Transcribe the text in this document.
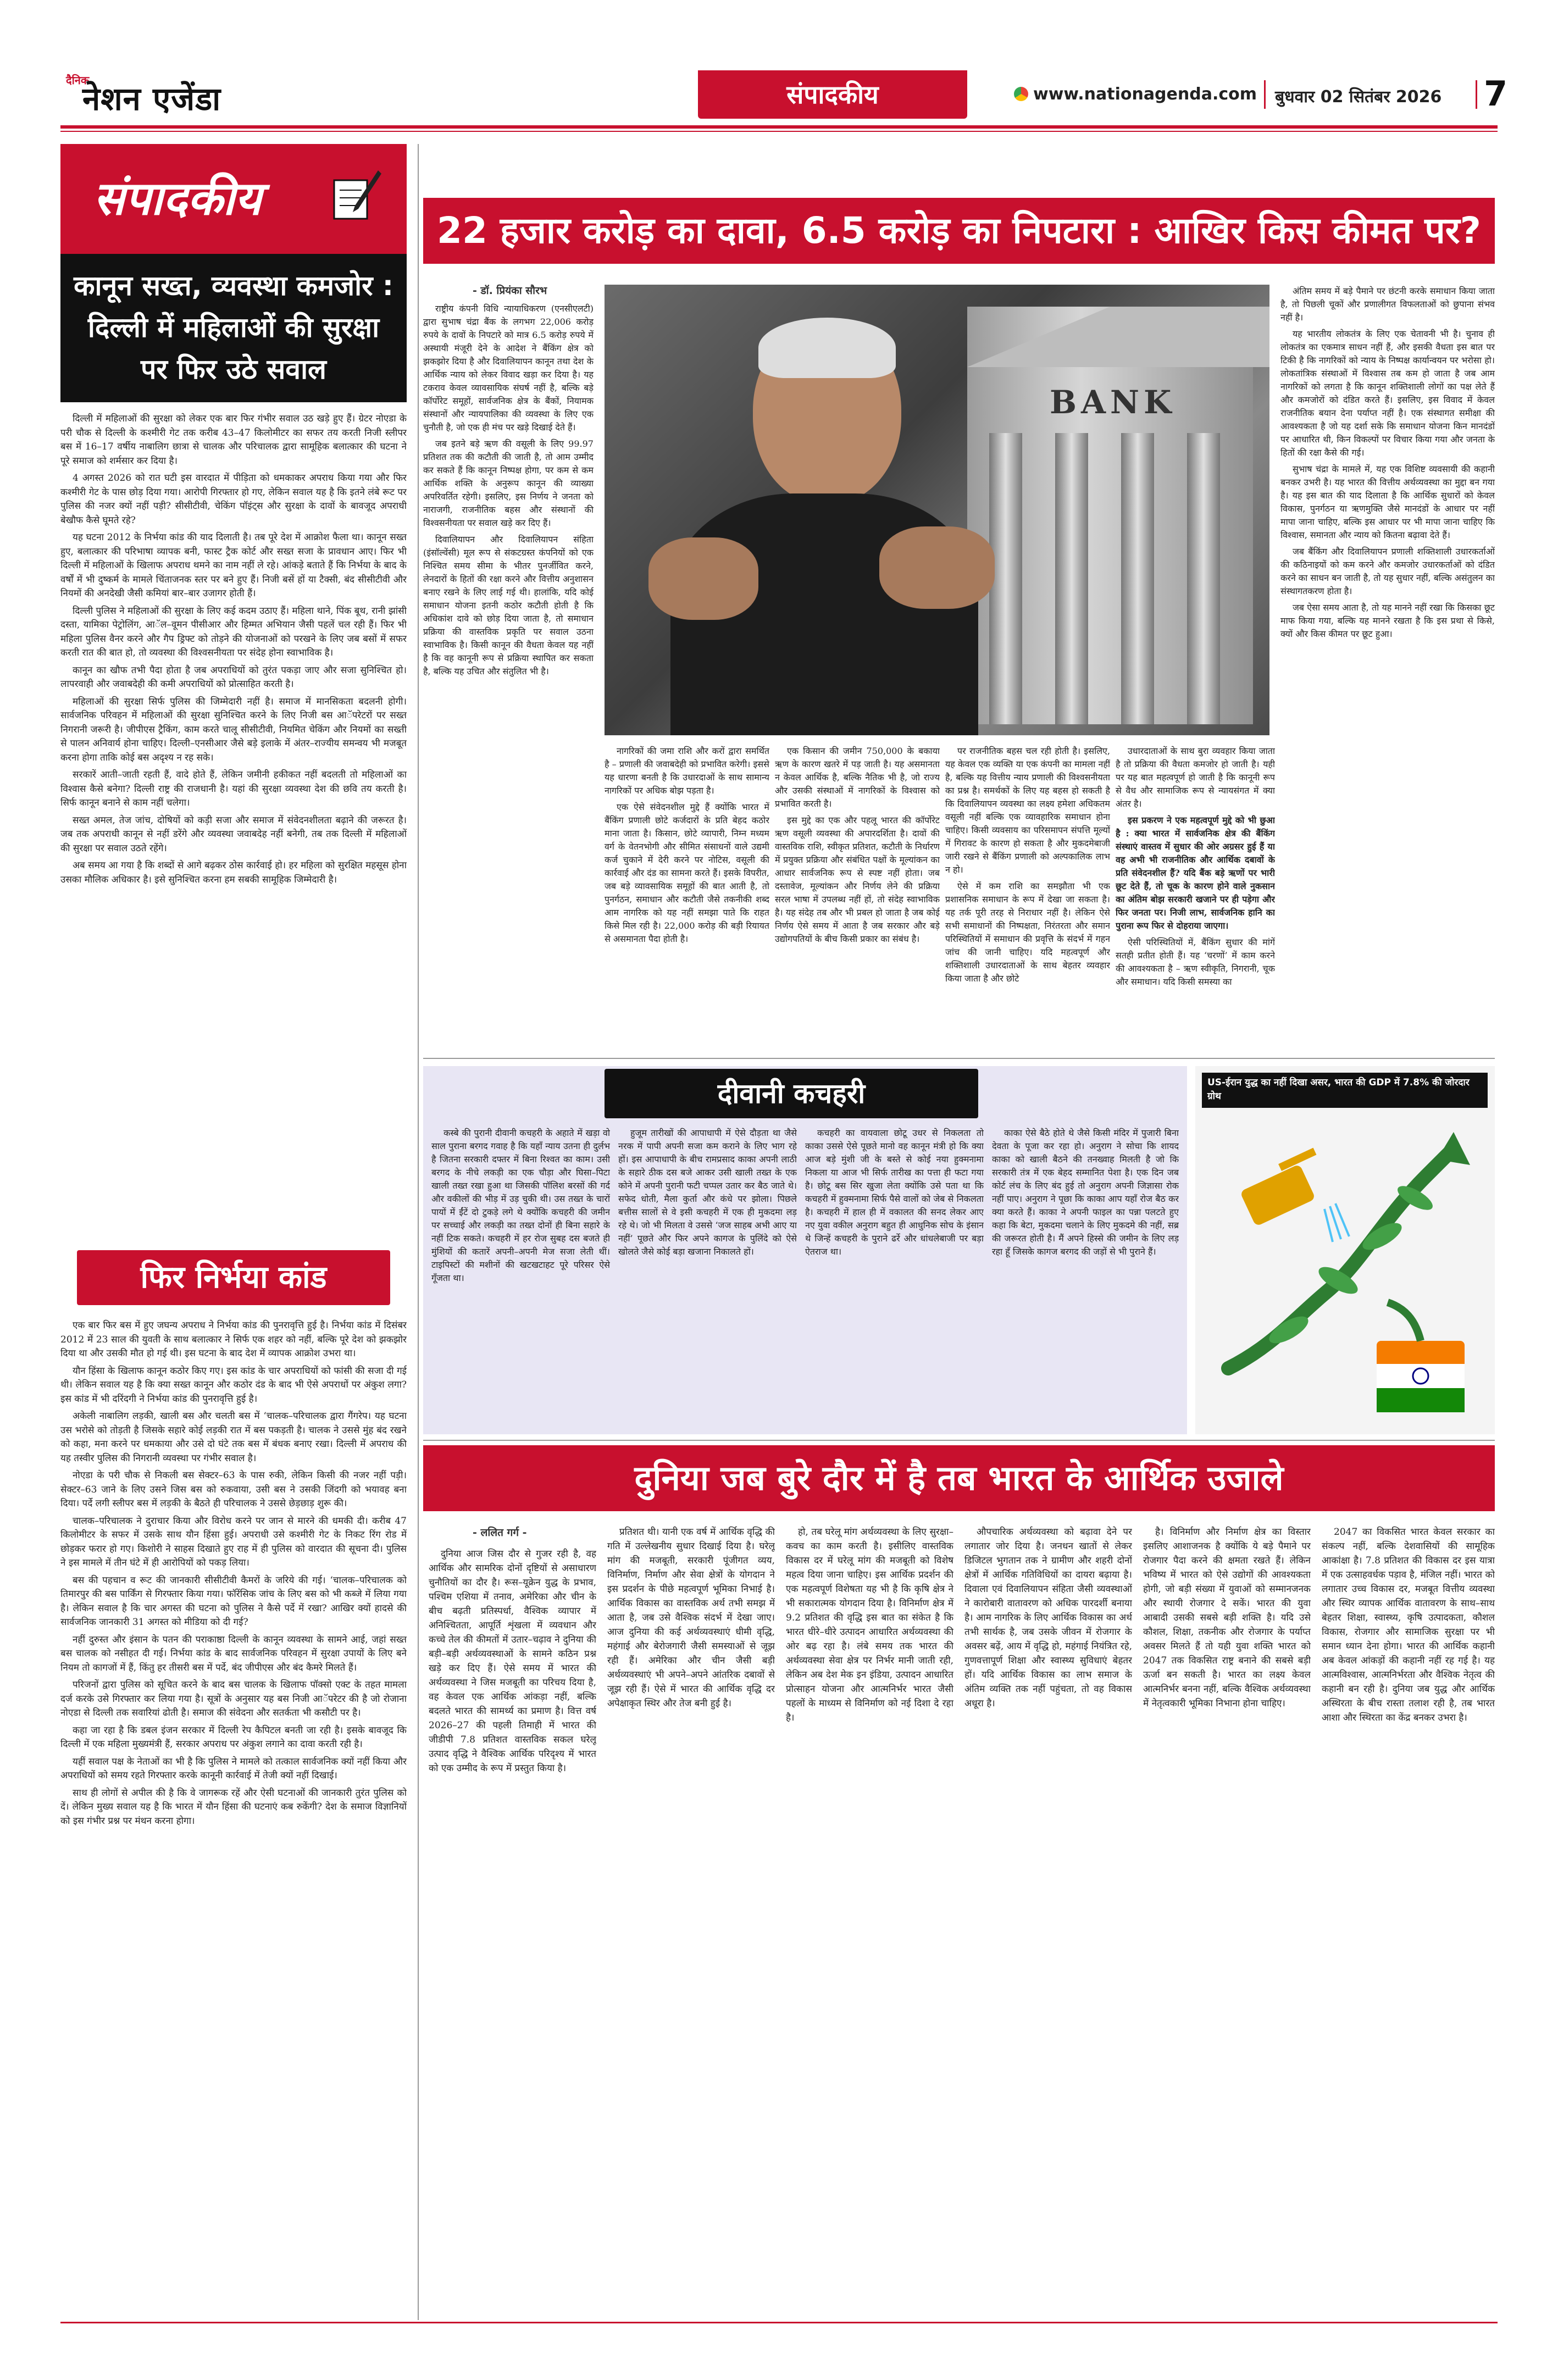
दैनिक
नेशन एजेंडा	संपादकीय	www.nationagenda.com बुधवार 02 सितंबर 2026 7
संपादकीय
कानून सख्त, व्यवस्था कमजोर : दिल्ली में महिलाओं की सुरक्षा पर फिर उठे सवाल

दिल्ली में महिलाओं की सुरक्षा को लेकर एक बार फिर गंभीर सवाल उठ खड़े हुए हैं। ग्रेटर नोएडा के परी चौक से दिल्ली के कश्मीरी गेट तक करीब 43–47 किलोमीटर का सफर तय करती निजी स्लीपर बस में 16–17 वर्षीय नाबालिग छात्रा से चालक और परिचालक द्वारा सामूहिक बलात्कार की घटना ने पूरे समाज को शर्मसार कर दिया है।

4 अगस्त 2026 को रात घटी इस वारदात में पीड़िता को धमकाकर अपराध किया गया और फिर कश्मीरी गेट के पास छोड़ दिया गया। आरोपी गिरफ्तार हो गए, लेकिन सवाल यह है कि इतने लंबे रूट पर पुलिस की नजर क्यों नहीं पड़ी? सीसीटीवी, चेकिंग पॉइंट्स और सुरक्षा के दावों के बावजूद अपराधी बेखौफ कैसे घूमते रहे?

यह घटना 2012 के निर्भया कांड की याद दिलाती है। तब पूरे देश में आक्रोश फैला था। कानून सख्त हुए, बलात्कार की परिभाषा व्यापक बनी, फास्ट ट्रैक कोर्ट और सख्त सजा के प्रावधान आए। फिर भी दिल्ली में महिलाओं के खिलाफ अपराध थमने का नाम नहीं ले रहे। आंकड़े बताते हैं कि निर्भया के बाद के वर्षों में भी दुष्कर्म के मामले चिंताजनक स्तर पर बने हुए हैं। निजी बसें हों या टैक्सी, बंद सीसीटीवी और नियमों की अनदेखी जैसी कमियां बार–बार उजागर होती हैं।

दिल्ली पुलिस ने महिलाओं की सुरक्षा के लिए कई कदम उठाए हैं। महिला थाने, पिंक बूथ, रानी झांसी दस्ता, यामिका पेट्रोलिंग, आॅल–वूमन पीसीआर और हिम्मत अभियान जैसी पहलें चल रही हैं। फिर भी महिला पुलिस वैनर करने और गैप ड्रिफ्ट को तोड़ने की योजनाओं को परखने के लिए जब बसों में सफर करती रात की बात हो, तो व्यवस्था की विश्वसनीयता पर संदेह होना स्वाभाविक है।

कानून का खौफ तभी पैदा होता है जब अपराधियों को तुरंत पकड़ा जाए और सजा सुनिश्चित हो। लापरवाही और जवाबदेही की कमी अपराधियों को प्रोत्साहित करती है।

महिलाओं की सुरक्षा सिर्फ पुलिस की जिम्मेदारी नहीं है। समाज में मानसिकता बदलनी होगी। सार्वजनिक परिवहन में महिलाओं की सुरक्षा सुनिश्चित करने के लिए निजी बस आॅपरेटरों पर सख्त निगरानी जरूरी है। जीपीएस ट्रैकिंग, काम करते चालू सीसीटीवी, नियमित चेकिंग और नियमों का सख्ती से पालन अनिवार्य होना चाहिए। दिल्ली–एनसीआर जैसे बड़े इलाके में अंतर–राज्यीय समन्वय भी मजबूत करना होगा ताकि कोई बस अदृश्य न रह सके।

सरकारें आती–जाती रहती हैं, वादे होते हैं, लेकिन जमीनी हकीकत नहीं बदलती तो महिलाओं का विश्वास कैसे बनेगा? दिल्ली राष्ट्र की राजधानी है। यहां की सुरक्षा व्यवस्था देश की छवि तय करती है। सिर्फ कानून बनाने से काम नहीं चलेगा।

सख्त अमल, तेज जांच, दोषियों को कड़ी सजा और समाज में संवेदनशीलता बढ़ाने की जरूरत है। जब तक अपराधी कानून से नहीं डरेंगे और व्यवस्था जवाबदेह नहीं बनेगी, तब तक दिल्ली में महिलाओं की सुरक्षा पर सवाल उठते रहेंगे।

अब समय आ गया है कि शब्दों से आगे बढ़कर ठोस कार्रवाई हो। हर महिला को सुरक्षित महसूस होना उसका मौलिक अधिकार है। इसे सुनिश्चित करना हम सबकी सामूहिक जिम्मेदारी है।

फिर निर्भया कांड

एक बार फिर बस में हुए जघन्य अपराध ने निर्भया कांड की पुनरावृत्ति हुई है। निर्भया कांड में दिसंबर 2012 में 23 साल की युवती के साथ बलात्कार ने सिर्फ एक शहर को नहीं, बल्कि पूरे देश को झकझोर दिया था और उसकी मौत हो गई थी। इस घटना के बाद देश में व्यापक आक्रोश उभरा था।

यौन हिंसा के खिलाफ कानून कठोर किए गए। इस कांड के चार अपराधियों को फांसी की सजा दी गई थी। लेकिन सवाल यह है कि क्या सख्त कानून और कठोर दंड के बाद भी ऐसे अपराधों पर अंकुश लगा? इस कांड में भी दरिंदगी ने निर्भया कांड की पुनरावृत्ति हुई है।

अकेली नाबालिग लड़की, खाली बस और चलती बस में ‘चालक–परिचालक द्वारा गैंगरेप। यह घटना उस भरोसे को तोड़ती है जिसके सहारे कोई लड़की रात में बस पकड़ती है। चालक ने उससे मुंह बंद रखने को कहा, मना करने पर धमकाया और उसे दो घंटे तक बस में बंधक बनाए रखा। दिल्ली में अपराध की यह तस्वीर पुलिस की निगरानी व्यवस्था पर गंभीर सवाल है।

नोएडा के परी चौक से निकली बस सेक्टर–63 के पास रुकी, लेकिन किसी की नजर नहीं पड़ी। सेक्टर–63 जाने के लिए उसने जिस बस को रुकवाया, उसी बस ने उसकी जिंदगी को भयावह बना दिया। पर्दे लगी स्लीपर बस में लड़की के बैठते ही परिचालक ने उससे छेड़छाड़ शुरू की।

चालक–परिचालक ने दुराचार किया और विरोध करने पर जान से मारने की धमकी दी। करीब 47 किलोमीटर के सफर में उसके साथ यौन हिंसा हुई। अपराधी उसे कश्मीरी गेट के निकट रिंग रोड में छोड़कर फरार हो गए। किशोरी ने साहस दिखाते हुए राह में ही पुलिस को वारदात की सूचना दी। पुलिस ने इस मामले में तीन घंटे में ही आरोपियों को पकड़ लिया।

बस की पहचान व रूट की जानकारी सीसीटीवी कैमरों के जरिये की गई। ‘चालक–परिचालक को तिमारपुर की बस पार्किंग से गिरफ्तार किया गया। फॉरेंसिक जांच के लिए बस को भी कब्जे में लिया गया है। लेकिन सवाल है कि चार अगस्त की घटना को पुलिस ने कैसे पर्दे में रखा? आखिर क्यों हादसे की सार्वजनिक जानकारी 31 अगस्त को मीडिया को दी गई?

नहीं दुरुस्त और इंसान के पतन की पराकाष्ठा दिल्ली के कानून व्यवस्था के सामने आई, जहां सख्त बस चालक को नसीहत दी गई। निर्भया कांड के बाद सार्वजनिक परिवहन में सुरक्षा उपायों के लिए बने नियम तो कागजों में हैं, किंतु हर तीसरी बस में पर्दे, बंद जीपीएस और बंद कैमरे मिलते हैं।

परिजनों द्वारा पुलिस को सूचित करने के बाद बस चालक के खिलाफ पॉक्सो एक्ट के तहत मामला दर्ज करके उसे गिरफ्तार कर लिया गया है। सूत्रों के अनुसार यह बस निजी आॅपरेटर की है जो रोजाना नोएडा से दिल्ली तक सवारियां ढोती है। समाज की संवेदना और सतर्कता भी कसौटी पर है।

कहा जा रहा है कि डबल इंजन सरकार में दिल्ली रेप कैपिटल बनती जा रही है। इसके बावजूद कि दिल्ली में एक महिला मुख्यमंत्री हैं, सरकार अपराध पर अंकुश लगाने का दावा करती रही है।

यहीं सवाल पक्ष के नेताओं का भी है कि पुलिस ने मामले को तत्काल सार्वजनिक क्यों नहीं किया और अपराधियों को समय रहते गिरफ्तार करके कानूनी कार्रवाई में तेजी क्यों नहीं दिखाई।

साथ ही लोगों से अपील की है कि वे जागरूक रहें और ऐसी घटनाओं की जानकारी तुरंत पुलिस को दें। लेकिन मुख्य सवाल यह है कि भारत में यौन हिंसा की घटनाएं कब रुकेंगी? देश के समाज विज्ञानियों को इस गंभीर प्रश्न पर मंथन करना होगा।

22 हजार करोड़ का दावा, 6.5 करोड़ का निपटारा : आखिर किस कीमत पर?
- डॉ. प्रियंका सौरभ

राष्ट्रीय कंपनी विधि न्यायाधिकरण (एनसीएलटी) द्वारा सुभाष चंद्रा बैंक के लगभग 22,006 करोड़ रुपये के दावों के निपटारे को मात्र 6.5 करोड़ रुपये में अस्थायी मंजूरी देने के आदेश ने बैंकिंग क्षेत्र को झकझोर दिया है और दिवालियापन कानून तथा देश के आर्थिक न्याय को लेकर विवाद खड़ा कर दिया है। यह टकराव केवल व्यावसायिक संघर्ष नहीं है, बल्कि बड़े कॉर्पोरेट समूहों, सार्वजनिक क्षेत्र के बैंकों, नियामक संस्थानों और न्यायपालिका की व्यवस्था के लिए एक चुनौती है, जो एक ही मंच पर खड़े दिखाई देते हैं।

जब इतने बड़े ऋण की वसूली के लिए 99.97 प्रतिशत तक की कटौती की जाती है, तो आम उम्मीद कर सकते हैं कि कानून निष्पक्ष होगा, पर कम से कम आर्थिक शक्ति के अनुरूप कानून की व्याख्या अपरिवर्तित रहेगी। इसलिए, इस निर्णय ने जनता को नाराजगी, राजनीतिक बहस और संस्थानों की विश्वसनीयता पर सवाल खड़े कर दिए हैं।

दिवालियापन और दिवालियापन संहिता (इंसॉल्वेंसी) मूल रूप से संकटग्रस्त कंपनियों को एक निश्चित समय सीमा के भीतर पुनर्जीवित करने, लेनदारों के हितों की रक्षा करने और वित्तीय अनुशासन बनाए रखने के लिए लाई गई थी। हालांकि, यदि कोई समाधान योजना इतनी कठोर कटौती होती है कि अधिकांश दावे को छोड़ दिया जाता है, तो समाधान प्रक्रिया की वास्तविक प्रकृति पर सवाल उठना स्वाभाविक है। किसी कानून की वैधता केवल यह नहीं है कि वह कानूनी रूप से प्रक्रिया स्थापित कर सकता है, बल्कि यह उचित और संतुलित भी है।

BANK

नागरिकों की जमा राशि और करों द्वारा समर्थित है – प्रणाली की जवाबदेही को प्रभावित करेगी। इससे यह धारणा बनती है कि उधारदाओं के साथ सामान्य नागरिकों पर अधिक बोझ पड़ता है।

एक ऐसे संवेदनशील मुद्दे हैं क्योंकि भारत में बैंकिंग प्रणाली छोटे कर्जदारों के प्रति बेहद कठोर माना जाता है। किसान, छोटे व्यापारी, निम्न मध्यम वर्ग के वेतनभोगी और सीमित संसाधनों वाले उद्यमी कर्ज चुकाने में देरी करने पर नोटिस, वसूली की कार्रवाई और दंड का सामना करते हैं। इसके विपरीत, जब बड़े व्यावसायिक समूहों की बात आती है, तो पुनर्गठन, समाधान और कटौती जैसे तकनीकी शब्द आम नागरिक को यह नहीं समझा पाते कि राहत किसे मिल रही है। 22,000 करोड़ की बड़ी रियायत से असमानता पैदा होती है।

एक किसान की जमीन 750,000 के बकाया ऋण के कारण खतरे में पड़ जाती है। यह असमानता न केवल आर्थिक है, बल्कि नैतिक भी है, जो राज्य और उसकी संस्थाओं में नागरिकों के विश्वास को प्रभावित करती है।

इस मुद्दे का एक और पहलू भारत की कॉर्पोरेट ऋण वसूली व्यवस्था की अपारदर्शिता है। दावों की वास्तविक राशि, स्वीकृत प्रतिशत, कटौती के निर्धारण में प्रयुक्त प्रक्रिया और संबंधित पक्षों के मूल्यांकन का आधार सार्वजनिक रूप से स्पष्ट नहीं होता। जब दस्तावेज, मूल्यांकन और निर्णय लेने की प्रक्रिया सरल भाषा में उपलब्ध नहीं हों, तो संदेह स्वाभाविक है। यह संदेह तब और भी प्रबल हो जाता है जब कोई निर्णय ऐसे समय में आता है जब सरकार और बड़े उद्योगपतियों के बीच किसी प्रकार का संबंध है।

पर राजनीतिक बहस चल रही होती है। इसलिए, यह केवल एक व्यक्ति या एक कंपनी का मामला नहीं है, बल्कि यह वित्तीय न्याय प्रणाली की विश्वसनीयता का प्रश्न है। समर्थकों के लिए यह बहस हो सकती है कि दिवालियापन व्यवस्था का लक्ष्य हमेशा अधिकतम वसूली नहीं बल्कि एक व्यावहारिक समाधान होना चाहिए। किसी व्यवसाय का परिसमापन संपत्ति मूल्यों में गिरावट के कारण हो सकता है और मुकदमेबाजी जारी रखने से बैंकिंग प्रणाली को अल्पकालिक लाभ न हो।

ऐसे में कम राशि का समझौता भी एक प्रशासनिक समाधान के रूप में देखा जा सकता है। यह तर्क पूरी तरह से निराधार नहीं है। लेकिन ऐसे सभी समाधानों की निष्पक्षता, निरंतरता और समान परिस्थितियों में समाधान की प्रवृत्ति के संदर्भ में गहन जांच की जानी चाहिए। यदि महत्वपूर्ण और शक्तिशाली उधारदाताओं के साथ बेहतर व्यवहार किया जाता है और छोटे

उधारदाताओं के साथ बुरा व्यवहार किया जाता है तो प्रक्रिया की वैधता कमजोर हो जाती है। यही पर यह बात महत्वपूर्ण हो जाती है कि कानूनी रूप से वैध और सामाजिक रूप से न्यायसंगत में क्या अंतर है।

इस प्रकरण ने एक महत्वपूर्ण मुद्दे को भी छुआ है : क्या भारत में सार्वजनिक क्षेत्र की बैंकिंग संस्थाएं वास्तव में सुधार की ओर अग्रसर हुई हैं या वह अभी भी राजनीतिक और आर्थिक दबावों के प्रति संवेदनशील हैं? यदि बैंक बड़े ऋणों पर भारी छूट देते हैं, तो चूक के कारण होने वाले नुकसान का अंतिम बोझ सरकारी खजाने पर ही पड़ेगा और फिर जनता पर। निजी लाभ, सार्वजनिक हानि का पुराना रूप फिर से दोहराया जाएगा।

ऐसी परिस्थितियों में, बैंकिंग सुधार की मांगें सतही प्रतीत होती हैं। यह ‘चरणों’ में काम करने की आवश्यकता है – ऋण स्वीकृति, निगरानी, चूक और समाधान। यदि किसी समस्या का

अंतिम समय में बड़े पैमाने पर छंटनी करके समाधान किया जाता है, तो पिछली चूकों और प्रणालीगत विफलताओं को छुपाना संभव नहीं है।

यह भारतीय लोकतंत्र के लिए एक चेतावनी भी है। चुनाव ही लोकतंत्र का एकमात्र साधन नहीं हैं, और इसकी वैधता इस बात पर टिकी है कि नागरिकों को न्याय के निष्पक्ष कार्यान्वयन पर भरोसा हो। लोकतांत्रिक संस्थाओं में विश्वास तब कम हो जाता है जब आम नागरिकों को लगता है कि कानून शक्तिशाली लोगों का पक्ष लेते हैं और कमजोरों को दंडित करते हैं। इसलिए, इस विवाद में केवल राजनीतिक बयान देना पर्याप्त नहीं है। एक संस्थागत समीक्षा की आवश्यकता है जो यह दर्शा सके कि समाधान योजना किन मानदंडों पर आधारित थी, किन विकल्पों पर विचार किया गया और जनता के हितों की रक्षा कैसे की गई।

सुभाष चंद्रा के मामले में, यह एक विशिष्ट व्यवसायी की कहानी बनकर उभरी है। यह भारत की वित्तीय अर्थव्यवस्था का मुद्दा बन गया है। यह इस बात की याद दिलाता है कि आर्थिक सुधारों को केवल विकास, पुनर्गठन या ऋणमुक्ति जैसे मानदंडों के आधार पर नहीं मापा जाना चाहिए, बल्कि इस आधार पर भी मापा जाना चाहिए कि विश्वास, समानता और न्याय को कितना बढ़ावा देते हैं।

जब बैंकिंग और दिवालियापन प्रणाली शक्तिशाली उधारकर्ताओं की कठिनाइयों को कम करने और कमजोर उधारकर्ताओं को दंडित करने का साधन बन जाती है, तो यह सुधार नहीं, बल्कि असंतुलन का संस्थागतकरण होता है।

जब ऐसा समय आता है, तो यह मानने नहीं रखा कि किसका छूट माफ किया गया, बल्कि यह मानने रखता है कि इस प्रथा से किसे, क्यों और किस कीमत पर छूट हुआ।

दीवानी कचहरी

कस्बे की पुरानी दीवानी कचहरी के अहाते में खड़ा वो साल पुराना बरगद गवाह है कि यहाँ न्याय उतना ही दुर्लभ है जितना सरकारी दफ्तर में बिना रिश्वत का काम। उसी बरगद के नीचे लकड़ी का एक चौड़ा और घिसा–पिटा खाली तख्त रखा हुआ था जिसकी पॉलिश बरसों की गर्द और वकीलों की भीड़ में उड़ चुकी थी। उस तख्त के चारों पायों में ईंटें दो टुकड़े लगे थे क्योंकि कचहरी की जमीन पर सच्चाई और लकड़ी का तख्त दोनों ही बिना सहारे के नहीं टिक सकते। कचहरी में हर रोज सुबह दस बजते ही मुंशियों की कतारें अपनी–अपनी मेज सजा लेती थीं। टाइपिस्टों की मशीनों की खटखटाहट पूरे परिसर ऐसे गूँजता था।

हुजूम तारीखों की आपाधापी में ऐसे दौड़ता था जैसे नरक में पापी अपनी सजा कम कराने के लिए भाग रहे हों। इस आपाधापी के बीच रामप्रसाद काका अपनी लाठी के सहारे ठीक दस बजे आकर उसी खाली तख्त के एक कोने में अपनी पुरानी फटी चप्पल उतार कर बैठ जाते थे। सफेद धोती, मैला कुर्ता और कंधे पर झोला। पिछले बत्तीस सालों से वे इसी कचहरी में एक ही मुकदमा लड़ रहे थे। जो भी मिलता वे उससे ‘जज साहब अभी आए या नहीं’ पूछते और फिर अपने कागज के पुलिंदे को ऐसे खोलते जैसे कोई बड़ा खजाना निकालते हों।

कचहरी का वायवाला छोटू उधर से निकलता तो काका उससे ऐसे पूछते मानो वह कानून मंत्री हो कि क्या आज बड़े मुंशी जी के बस्ते से कोई नया हुक्मनामा निकला या आज भी सिर्फ तारीख का पत्ता ही फटा गया है। छोटू बस सिर खुजा लेता क्योंकि उसे पता था कि कचहरी में हुक्मनामा सिर्फ पैसे वालों को जेब से निकलता है। कचहरी में हाल ही में वकालत की सनद लेकर आए नए युवा वकील अनुराग बहुत ही आधुनिक सोच के इंसान थे जिन्हें कचहरी के पुराने ढर्रे और धांधलेबाजी पर बड़ा ऐतराज था।

काका ऐसे बैठे होते थे जैसे किसी मंदिर में पुजारी बिना देवता के पूजा कर रहा हो। अनुराग ने सोचा कि शायद काका को खाली बैठने की तनख्वाह मिलती है जो कि सरकारी तंत्र में एक बेहद सम्मानित पेशा है। एक दिन जब कोर्ट लंच के लिए बंद हुई तो अनुराग अपनी जिज्ञासा रोक नहीं पाए। अनुराग ने पूछा कि काका आप यहाँ रोज बैठ कर क्या करते हैं। काका ने अपनी फाइल का पन्ना पलटते हुए कहा कि बेटा, मुकदमा चलाने के लिए मुकदमे की नहीं, सब्र की जरूरत होती है। मैं अपने हिस्से की जमीन के लिए लड़ रहा हूँ जिसके कागज बरगद की जड़ों से भी पुराने हैं।

US-ईरान युद्ध का नहीं दिखा असर, भारत की GDP में 7.8% की जोरदार ग्रोथ
दुनिया जब बुरे दौर में है तब भारत के आर्थिक उजाले
- ललित गर्ग -

दुनिया आज जिस दौर से गुजर रही है, वह आर्थिक और सामरिक दोनों दृष्टियों से असाधारण चुनौतियों का दौर है। रूस–यूक्रेन युद्ध के प्रभाव, पश्चिम एशिया में तनाव, अमेरिका और चीन के बीच बढ़ती प्रतिस्पर्धा, वैश्विक व्यापार में अनिश्चितता, आपूर्ति शृंखला में व्यवधान और कच्चे तेल की कीमतों में उतार–चढ़ाव ने दुनिया की बड़ी–बड़ी अर्थव्यवस्थाओं के सामने कठिन प्रश्न खड़े कर दिए हैं। ऐसे समय में भारत की अर्थव्यवस्था ने जिस मजबूती का परिचय दिया है, वह केवल एक आर्थिक आंकड़ा नहीं, बल्कि बदलते भारत की सामर्थ्य का प्रमाण है। वित्त वर्ष 2026–27 की पहली तिमाही में भारत की जीडीपी 7.8 प्रतिशत वास्तविक सकल घरेलू उत्पाद वृद्धि ने वैश्विक आर्थिक परिदृश्य में भारत को एक उम्मीद के रूप में प्रस्तुत किया है।

प्रतिशत थी। यानी एक वर्ष में आर्थिक वृद्धि की गति में उल्लेखनीय सुधार दिखाई दिया है। घरेलू मांग की मजबूती, सरकारी पूंजीगत व्यय, विनिर्माण, निर्माण और सेवा क्षेत्रों के योगदान ने इस प्रदर्शन के पीछे महत्वपूर्ण भूमिका निभाई है। आर्थिक विकास का वास्तविक अर्थ तभी समझ में आता है, जब उसे वैश्विक संदर्भ में देखा जाए। आज दुनिया की कई अर्थव्यवस्थाएं धीमी वृद्धि, महंगाई और बेरोजगारी जैसी समस्याओं से जूझ रही हैं। अमेरिका और चीन जैसी बड़ी अर्थव्यवस्थाएं भी अपने–अपने आंतरिक दबावों से जूझ रही हैं। ऐसे में भारत की आर्थिक वृद्धि दर अपेक्षाकृत स्थिर और तेज बनी हुई है।

हो, तब घरेलू मांग अर्थव्यवस्था के लिए सुरक्षा–कवच का काम करती है। इसीलिए वास्तविक विकास दर में घरेलू मांग की मजबूती को विशेष महत्व दिया जाना चाहिए। इस आर्थिक प्रदर्शन की एक महत्वपूर्ण विशेषता यह भी है कि कृषि क्षेत्र ने भी सकारात्मक योगदान दिया है। विनिर्माण क्षेत्र में 9.2 प्रतिशत की वृद्धि इस बात का संकेत है कि भारत धीरे–धीरे उत्पादन आधारित अर्थव्यवस्था की ओर बढ़ रहा है। लंबे समय तक भारत की अर्थव्यवस्था सेवा क्षेत्र पर निर्भर मानी जाती रही, लेकिन अब देश मेक इन इंडिया, उत्पादन आधारित प्रोत्साहन योजना और आत्मनिर्भर भारत जैसी पहलों के माध्यम से विनिर्माण को नई दिशा दे रहा है।

औपचारिक अर्थव्यवस्था को बढ़ावा देने पर लगातार जोर दिया है। जनधन खातों से लेकर डिजिटल भुगतान तक ने ग्रामीण और शहरी दोनों क्षेत्रों में आर्थिक गतिविधियों का दायरा बढ़ाया है। दिवाला एवं दिवालियापन संहिता जैसी व्यवस्थाओं ने कारोबारी वातावरण को अधिक पारदर्शी बनाया है। आम नागरिक के लिए आर्थिक विकास का अर्थ तभी सार्थक है, जब उसके जीवन में रोजगार के अवसर बढ़ें, आय में वृद्धि हो, महंगाई नियंत्रित रहे, गुणवत्तापूर्ण शिक्षा और स्वास्थ्य सुविधाएं बेहतर हों। यदि आर्थिक विकास का लाभ समाज के अंतिम व्यक्ति तक नहीं पहुंचता, तो वह विकास अधूरा है।

है। विनिर्माण और निर्माण क्षेत्र का विस्तार इसलिए आशाजनक है क्योंकि ये बड़े पैमाने पर रोजगार पैदा करने की क्षमता रखते हैं। लेकिन भविष्य में भारत को ऐसे उद्योगों की आवश्यकता होगी, जो बड़ी संख्या में युवाओं को सम्मानजनक और स्थायी रोजगार दे सकें। भारत की युवा आबादी उसकी सबसे बड़ी शक्ति है। यदि उसे कौशल, शिक्षा, तकनीक और रोजगार के पर्याप्त अवसर मिलते हैं तो यही युवा शक्ति भारत को 2047 तक विकसित राष्ट्र बनाने की सबसे बड़ी ऊर्जा बन सकती है। भारत का लक्ष्य केवल आत्मनिर्भर बनना नहीं, बल्कि वैश्विक अर्थव्यवस्था में नेतृत्वकारी भूमिका निभाना होना चाहिए।

2047 का विकसित भारत केवल सरकार का संकल्प नहीं, बल्कि देशवासियों की सामूहिक आकांक्षा है। 7.8 प्रतिशत की विकास दर इस यात्रा में एक उत्साहवर्धक पड़ाव है, मंजिल नहीं। भारत को लगातार उच्च विकास दर, मजबूत वित्तीय व्यवस्था और स्थिर व्यापक आर्थिक वातावरण के साथ–साथ बेहतर शिक्षा, स्वास्थ्य, कृषि उत्पादकता, कौशल विकास, रोजगार और सामाजिक सुरक्षा पर भी समान ध्यान देना होगा। भारत की आर्थिक कहानी अब केवल आंकड़ों की कहानी नहीं रह गई है। यह आत्मविश्वास, आत्मनिर्भरता और वैश्विक नेतृत्व की कहानी बन रही है। दुनिया जब युद्ध और आर्थिक अस्थिरता के बीच रास्ता तलाश रही है, तब भारत आशा और स्थिरता का केंद्र बनकर उभरा है।
